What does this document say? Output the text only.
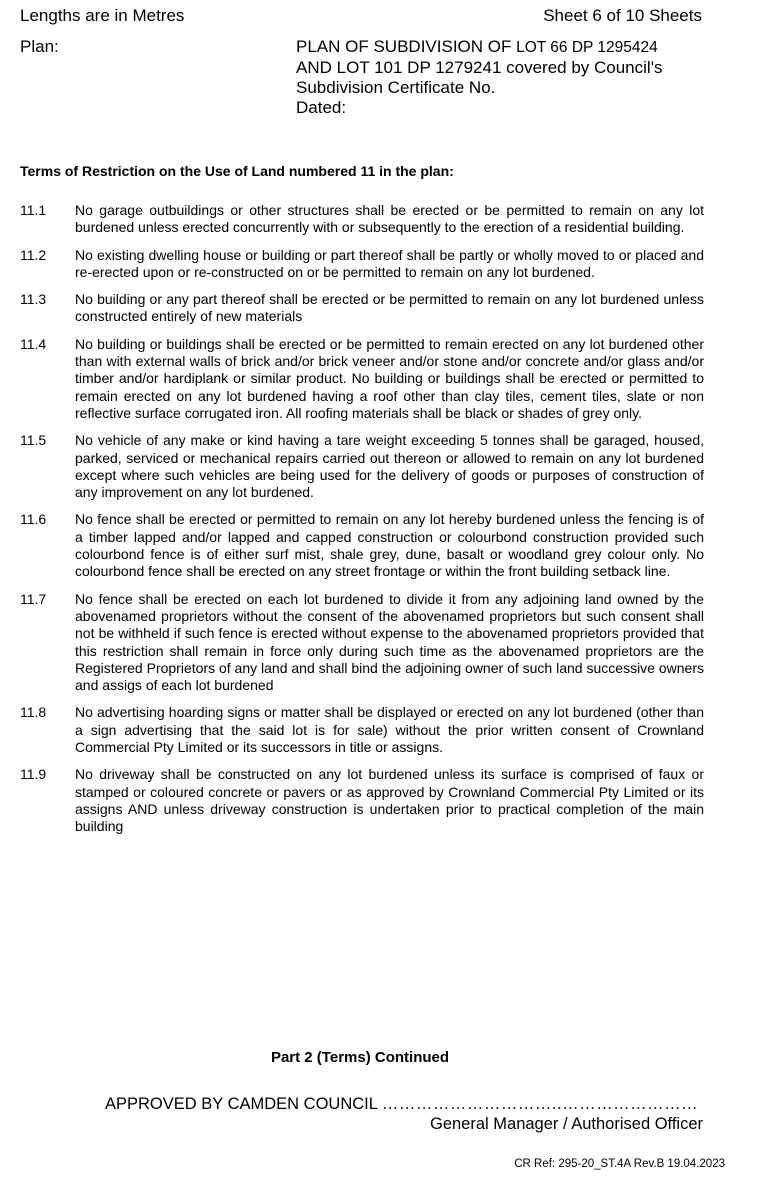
Lengths are in Metres	Sheet 6 of 10 Sheets
Plan:	PLAN OF SUBDIVISION OF LOT 66 DP 1295424
AND LOT 101 DP 1279241 covered by Council's
Subdivision Certificate No.
Dated:
Terms of Restriction on the Use of Land numbered 11 in the plan:
11.1	No garage outbuildings or other structures shall be erected or be permitted to remain on any lot burdened unless erected concurrently with or subsequently to the erection of a residential building.
11.2	No existing dwelling house or building or part thereof shall be partly or wholly moved to or placed and re-erected upon or re-constructed on or be permitted to remain on any lot burdened.
11.3	No building or any part thereof shall be erected or be permitted to remain on any lot burdened unless constructed entirely of new materials
11.4	No building or buildings shall be erected or be permitted to remain erected on any lot burdened other than with external walls of brick and/or brick veneer and/or stone and/or concrete and/or glass and/or timber and/or hardiplank or similar product. No building or buildings shall be erected or permitted to remain erected on any lot burdened having a roof other than clay tiles, cement tiles, slate or non reflective surface corrugated iron. All roofing materials shall be black or shades of grey only.
11.5	No vehicle of any make or kind having a tare weight exceeding 5 tonnes shall be garaged, housed, parked, serviced or mechanical repairs carried out thereon or allowed to remain on any lot burdened except where such vehicles are being used for the delivery of goods or purposes of construction of any improvement on any lot burdened.
11.6	No fence shall be erected or permitted to remain on any lot hereby burdened unless the fencing is of a timber lapped and/or lapped and capped construction or colourbond construction provided such colourbond fence is of either surf mist, shale grey, dune, basalt or woodland grey colour only. No colourbond fence shall be erected on any street frontage or within the front building setback line.
11.7	No fence shall be erected on each lot burdened to divide it from any adjoining land owned by the abovenamed proprietors without the consent of the abovenamed proprietors but such consent shall not be withheld if such fence is erected without expense to the abovenamed proprietors provided that this restriction shall remain in force only during such time as the abovenamed proprietors are the Registered Proprietors of any land and shall bind the adjoining owner of such land successive owners and assigs of each lot burdened
11.8	No advertising hoarding signs or matter shall be displayed or erected on any lot burdened (other than a sign advertising that the said lot is for sale) without the prior written consent of Crownland Commercial Pty Limited or its successors in title or assigns.
11.9	No driveway shall be constructed on any lot burdened unless its surface is comprised of faux or stamped or coloured concrete or pavers or as approved by Crownland Commercial Pty Limited or its assigns AND unless driveway construction is undertaken prior to practical completion of the main building
Part 2 (Terms) Continued
APPROVED BY CAMDEN COUNCIL …………………………..……………………
General Manager / Authorised Officer
CR Ref: 295-20_ST.4A Rev.B 19.04.2023
